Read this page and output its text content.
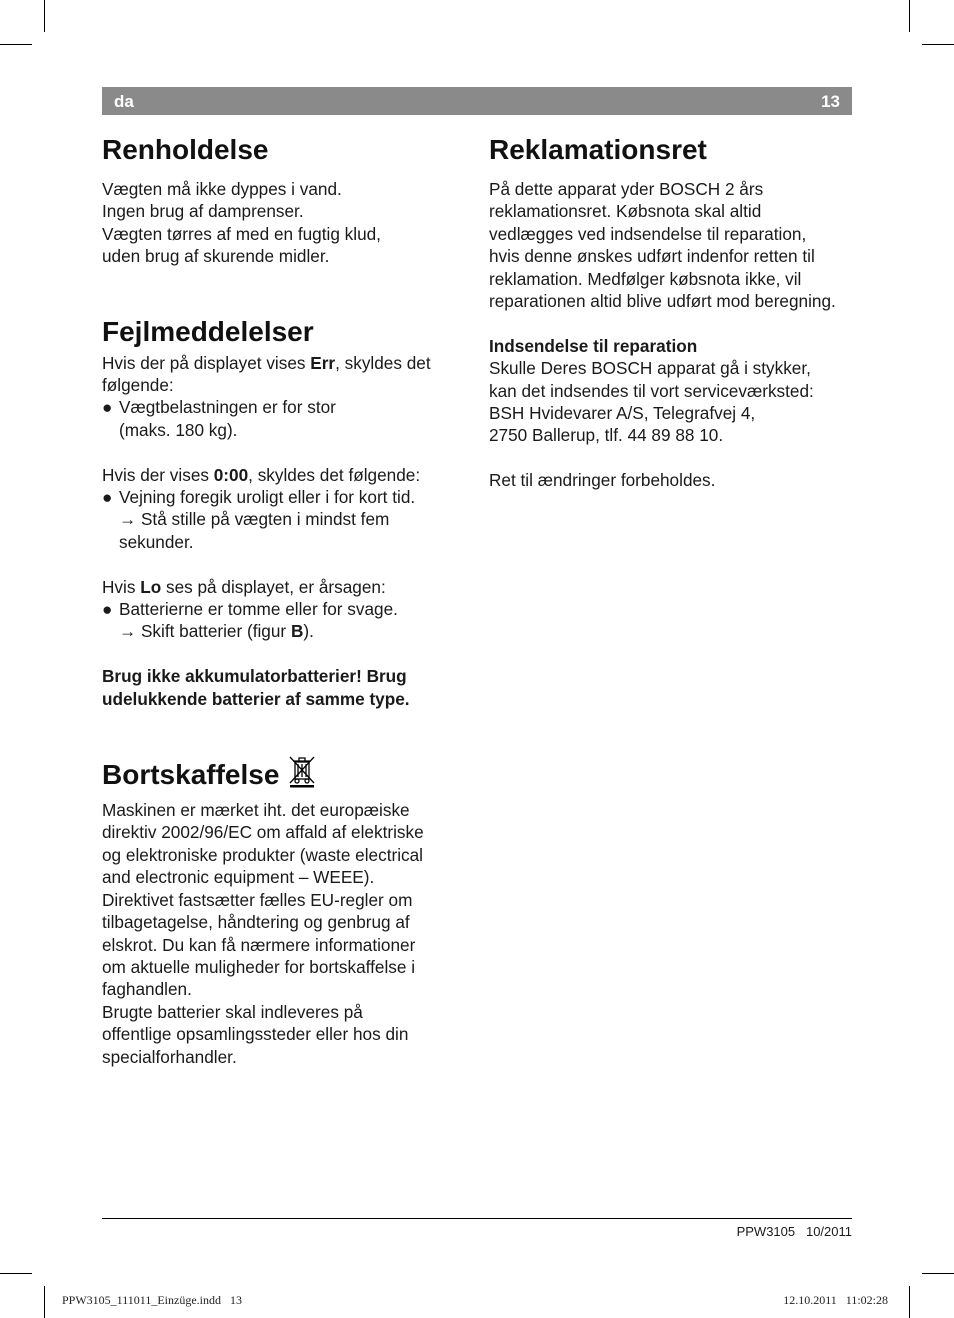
da	13
Renholdelse

Vægten må ikke dyppes i vand.

Ingen brug af damprenser.

Vægten tørres af med en fugtig klud,

uden brug af skurende midler.

Fejlmeddelelser

Hvis der på displayet vises Err, skyldes det

følgende:

● Vægtbelastningen er for stor

(maks. 180 kg).

Hvis der vises 0:00, skyldes det følgende:

● Vejning foregik uroligt eller i for kort tid.

→ Stå stille på vægten i mindst fem

sekunder.

Hvis Lo ses på displayet, er årsagen:

● Batterierne er tomme eller for svage.

→ Skift batterier (figur B).

Brug ikke akkumulatorbatterier! Brug

udelukkende batterier af samme type.

Bortskaffelse

Maskinen er mærket iht. det europæiske

direktiv 2002/96/EC om affald af elektriske

og elektroniske produkter (waste electrical

and electronic equipment – WEEE).

Direktivet fastsætter fælles EU-regler om

tilbagetagelse, håndtering og genbrug af

elskrot. Du kan få nærmere informationer

om aktuelle muligheder for bortskaffelse i

faghandlen.

Brugte batterier skal indleveres på

offentlige opsamlingssteder eller hos din

specialforhandler.

Reklamationsret

På dette apparat yder BOSCH 2 års

reklamationsret. Købsnota skal altid

vedlægges ved indsendelse til reparation,

hvis denne ønskes udført indenfor retten til

reklamation. Medfølger købsnota ikke, vil

reparationen altid blive udført mod beregning.

Indsendelse til reparation

Skulle Deres BOSCH apparat gå i stykker,

kan det indsendes til vort serviceværksted:

BSH Hvidevarer A/S, Telegrafvej 4,

2750 Ballerup, tlf. 44 89 88 10.

Ret til ændringer forbeholdes.

PPW3105   10/2011
PPW3105_111011_Einzüge.indd   13	12.10.2011   11:02:28
